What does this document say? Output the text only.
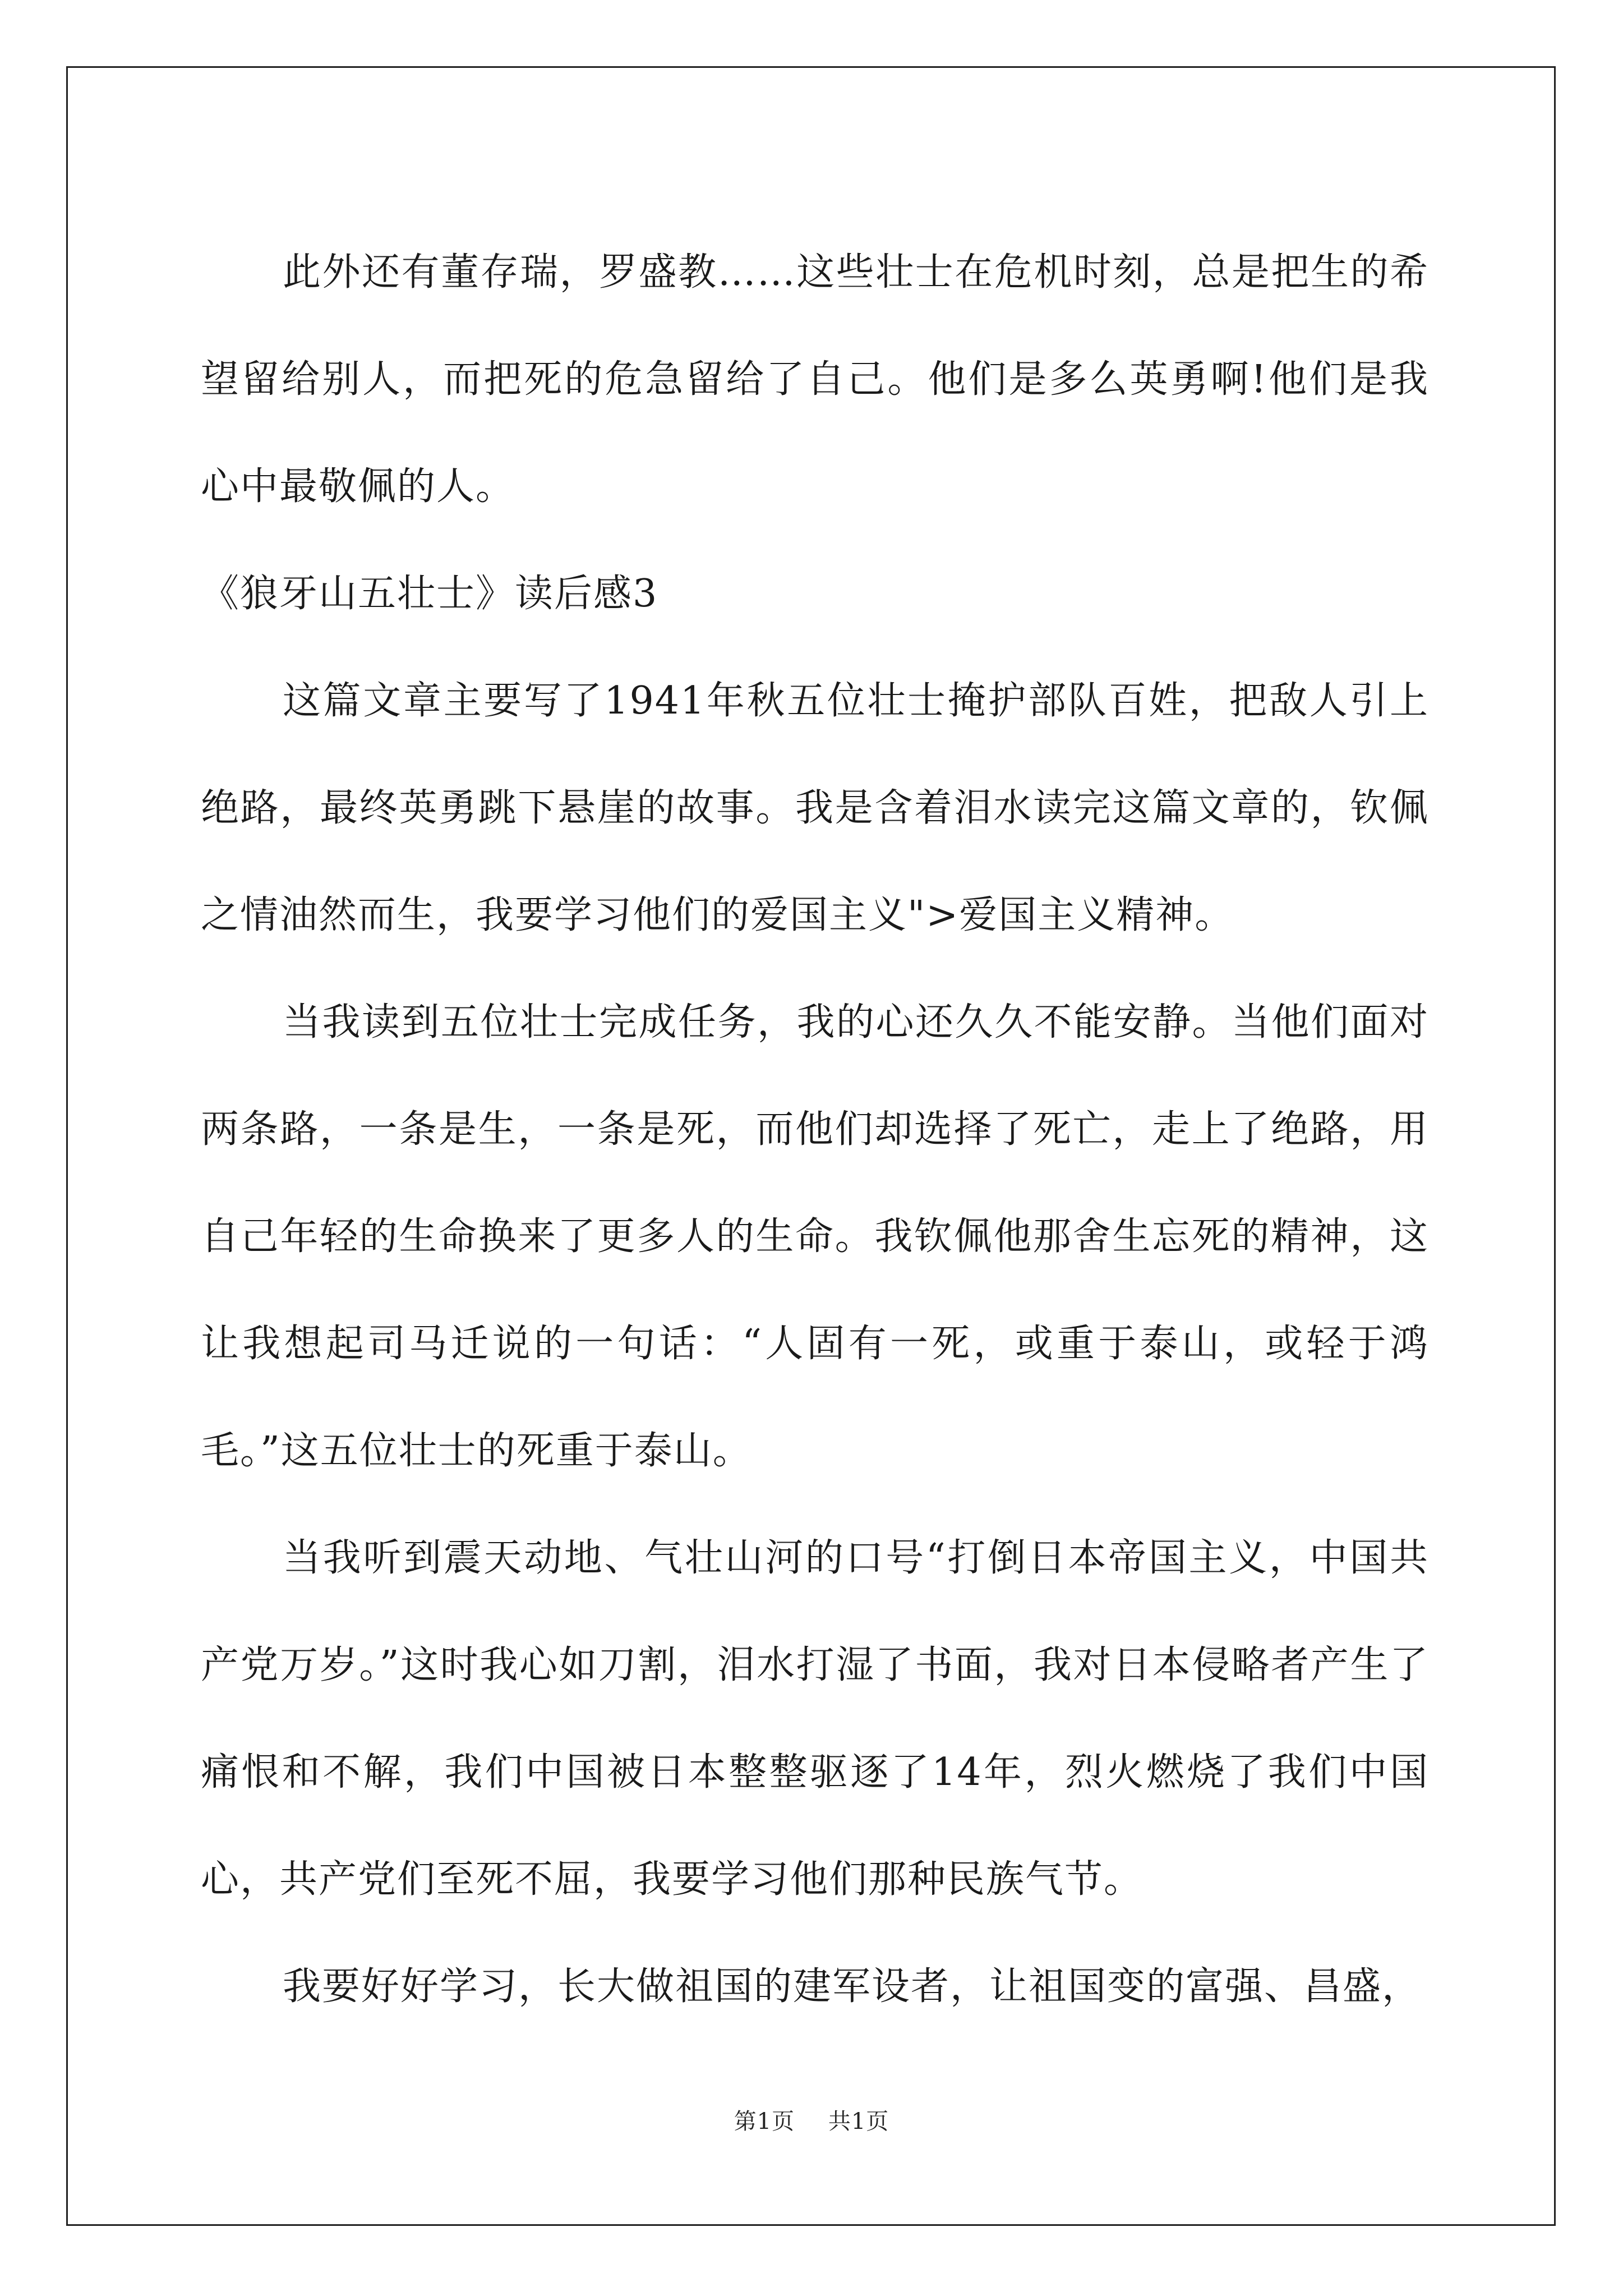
此外还有董存瑞，罗盛教……这些壮士在危机时刻，总是把生的希望留给别人，而把死的危急留给了自己。他们是多么英勇啊!他们是我心中最敬佩的人。

《狼牙山五壮士》读后感3

这篇文章主要写了1941年秋五位壮士掩护部队百姓，把敌人引上绝路，最终英勇跳下悬崖的故事。我是含着泪水读完这篇文章的，钦佩之情油然而生，我要学习他们的爱国主义">爱国主义精神。

当我读到五位壮士完成任务，我的心还久久不能安静。当他们面对两条路，一条是生，一条是死，而他们却选择了死亡，走上了绝路，用自己年轻的生命换来了更多人的生命。我钦佩他那舍生忘死的精神，这让我想起司马迁说的一句话：“人固有一死，或重于泰山，或轻于鸿毛。”这五位壮士的死重于泰山。

当我听到震天动地、气壮山河的口号“打倒日本帝国主义，中国共产党万岁。”这时我心如刀割，泪水打湿了书面，我对日本侵略者产生了痛恨和不解，我们中国被日本整整驱逐了14年，烈火燃烧了我们中国心，共产党们至死不屈，我要学习他们那种民族气节。

我要好好学习，长大做祖国的建军设者，让祖国变的富强、昌盛，

第1页 共1页
